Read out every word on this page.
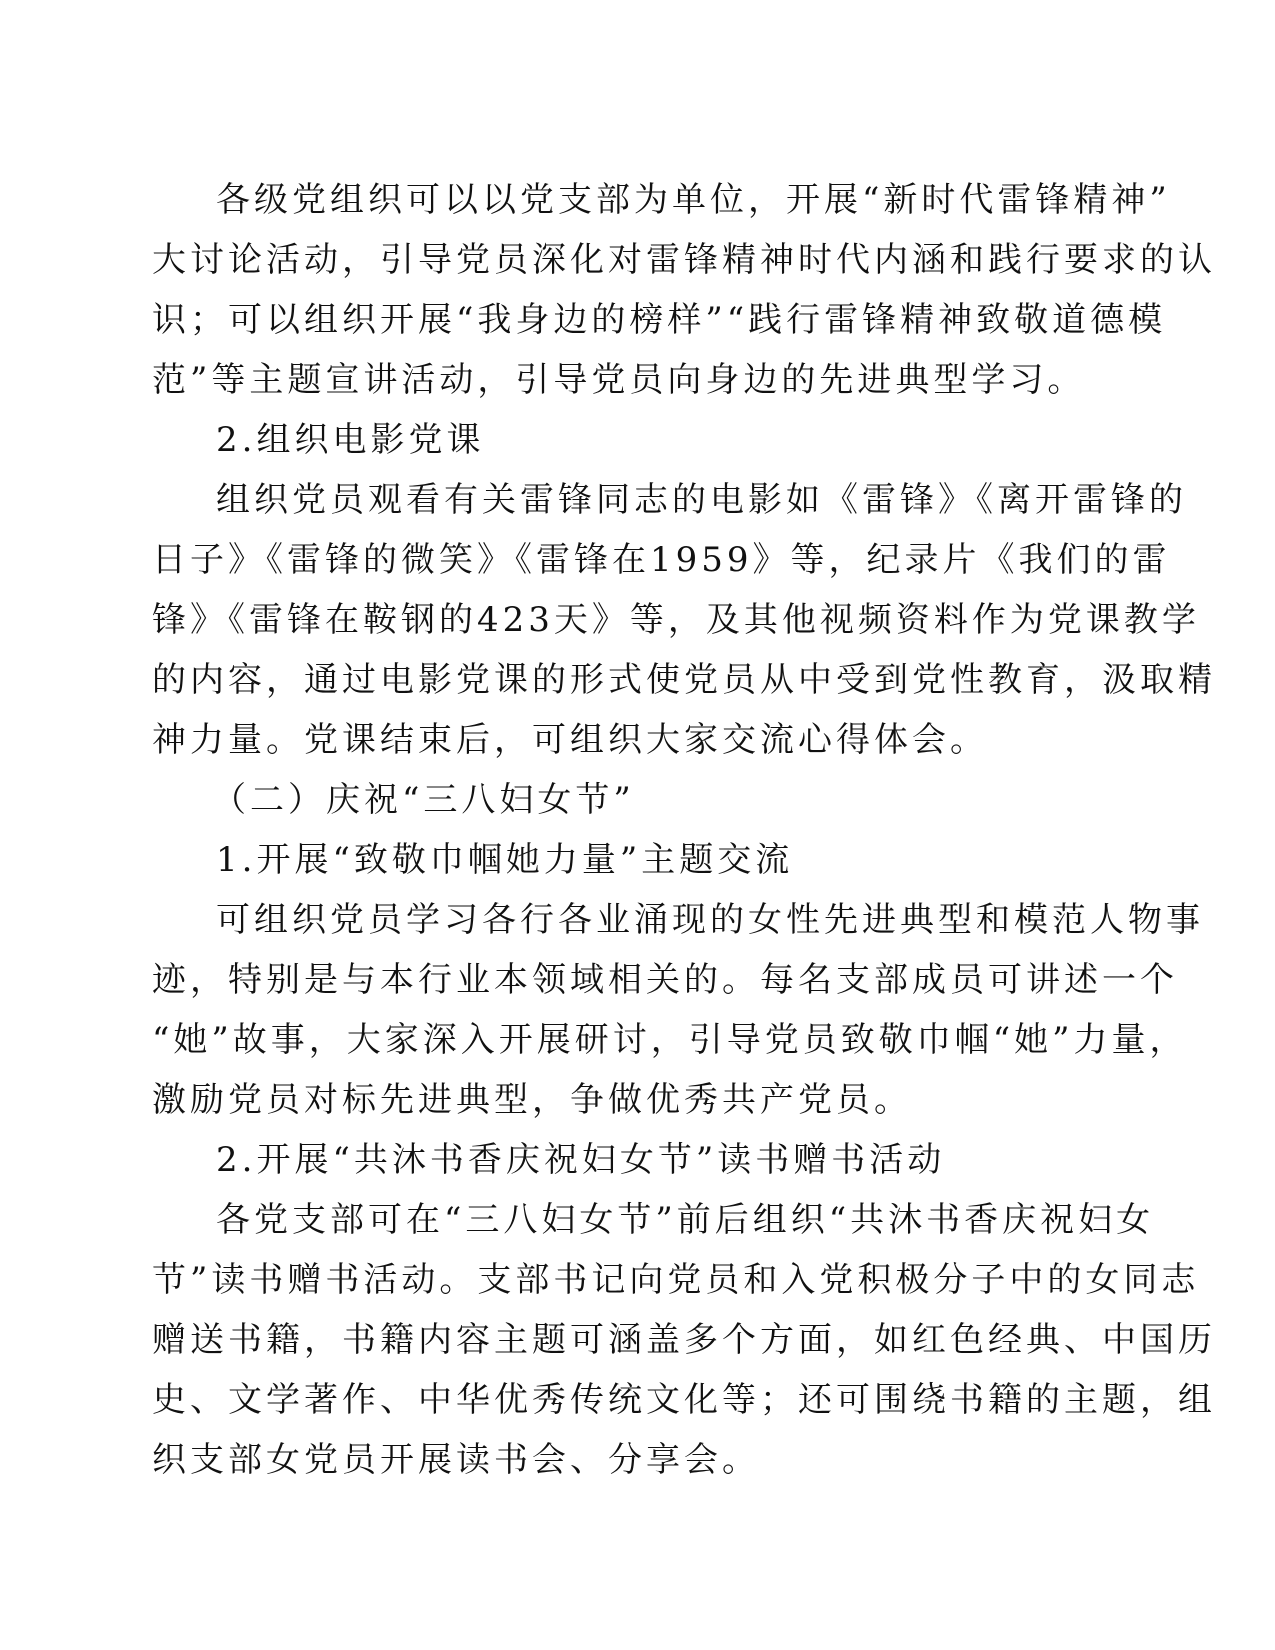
各级党组织可以以党支部为单位，开展“新时代雷锋精神”
大讨论活动，引导党员深化对雷锋精神时代内涵和践行要求的认
识；可以组织开展“我身边的榜样”“践行雷锋精神致敬道德模
范”等主题宣讲活动，引导党员向身边的先进典型学习。
2.组织电影党课
组织党员观看有关雷锋同志的电影如《雷锋》《离开雷锋的
日子》《雷锋的微笑》《雷锋在1959》等，纪录片《我们的雷
锋》《雷锋在鞍钢的423天》等，及其他视频资料作为党课教学
的内容，通过电影党课的形式使党员从中受到党性教育，汲取精
神力量。党课结束后，可组织大家交流心得体会。
（二）庆祝“三八妇女节”
1.开展“致敬巾帼她力量”主题交流
可组织党员学习各行各业涌现的女性先进典型和模范人物事
迹，特别是与本行业本领域相关的。每名支部成员可讲述一个
“她”故事，大家深入开展研讨，引导党员致敬巾帼“她”力量，
激励党员对标先进典型，争做优秀共产党员。
2.开展“共沐书香庆祝妇女节”读书赠书活动
各党支部可在“三八妇女节”前后组织“共沐书香庆祝妇女
节”读书赠书活动。支部书记向党员和入党积极分子中的女同志
赠送书籍，书籍内容主题可涵盖多个方面，如红色经典、中国历
史、文学著作、中华优秀传统文化等；还可围绕书籍的主题，组
织支部女党员开展读书会、分享会。
